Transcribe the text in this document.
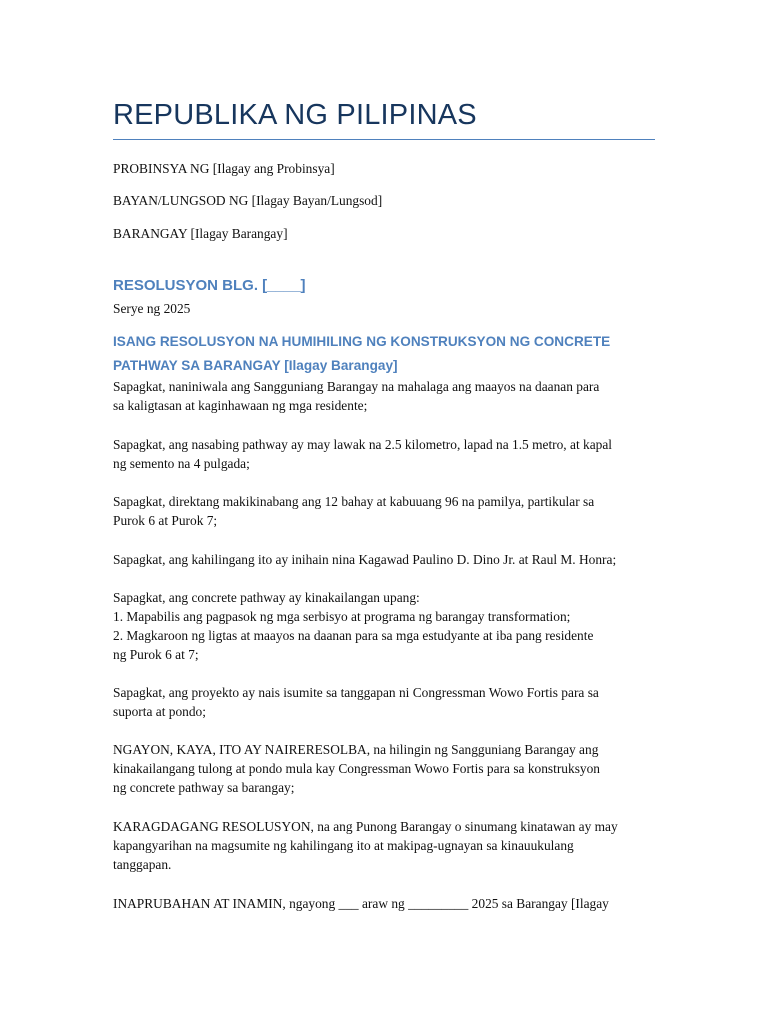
REPUBLIKA NG PILIPINAS
PROBINSYA NG [Ilagay ang Probinsya]
BAYAN/LUNGSOD NG [Ilagay Bayan/Lungsod]
BARANGAY [Ilagay Barangay]
RESOLUSYON BLG. [____]
Serye ng 2025
ISANG RESOLUSYON NA HUMIHILING NG KONSTRUKSYON NG CONCRETE
PATHWAY SA BARANGAY [Ilagay Barangay]
Sapagkat, naniniwala ang Sangguniang Barangay na mahalaga ang maayos na daanan para
sa kaligtasan at kaginhawaan ng mga residente;
Sapagkat, ang nasabing pathway ay may lawak na 2.5 kilometro, lapad na 1.5 metro, at kapal
ng semento na 4 pulgada;
Sapagkat, direktang makikinabang ang 12 bahay at kabuuang 96 na pamilya, partikular sa
Purok 6 at Purok 7;
Sapagkat, ang kahilingang ito ay inihain nina Kagawad Paulino D. Dino Jr. at Raul M. Honra;
Sapagkat, ang concrete pathway ay kinakailangan upang:
1. Mapabilis ang pagpasok ng mga serbisyo at programa ng barangay transformation;
2. Magkaroon ng ligtas at maayos na daanan para sa mga estudyante at iba pang residente
ng Purok 6 at 7;
Sapagkat, ang proyekto ay nais isumite sa tanggapan ni Congressman Wowo Fortis para sa
suporta at pondo;
NGAYON, KAYA, ITO AY NAIRERESOLBA, na hilingin ng Sangguniang Barangay ang
kinakailangang tulong at pondo mula kay Congressman Wowo Fortis para sa konstruksyon
ng concrete pathway sa barangay;
KARAGDAGANG RESOLUSYON, na ang Punong Barangay o sinumang kinatawan ay may
kapangyarihan na magsumite ng kahilingang ito at makipag-ugnayan sa kinauukulang
tanggapan.
INAPRUBAHAN AT INAMIN, ngayong ___ araw ng _________ 2025 sa Barangay [Ilagay
